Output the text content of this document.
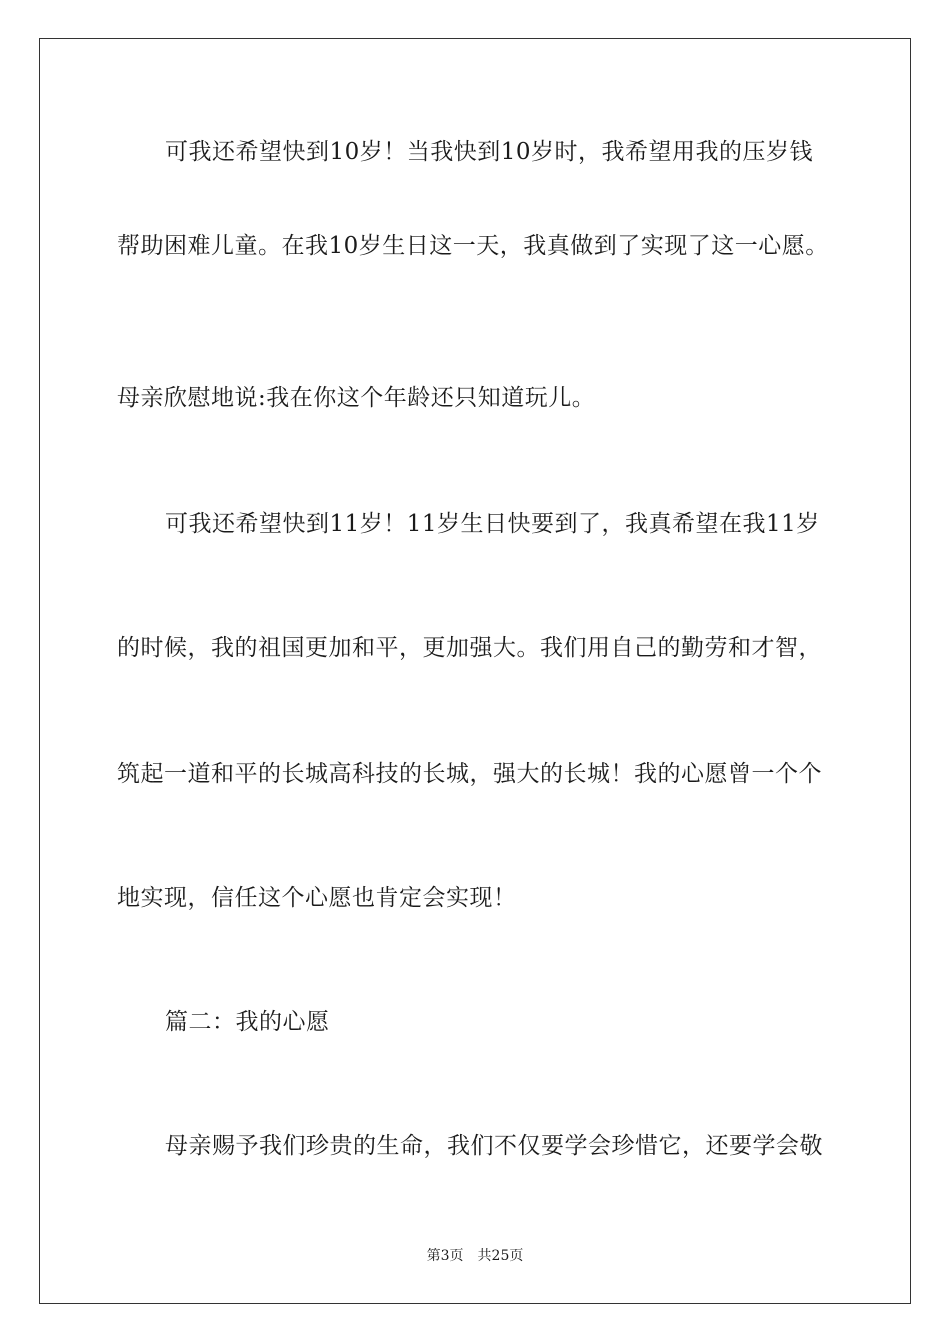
可我还希望快到10岁！当我快到10岁时，我希望用我的压岁钱
帮助困难儿童。在我10岁生日这一天，我真做到了实现了这一心愿。
母亲欣慰地说:我在你这个年龄还只知道玩儿。
可我还希望快到11岁！11岁生日快要到了，我真希望在我11岁
的时候，我的祖国更加和平，更加强大。我们用自己的勤劳和才智，
筑起一道和平的长城高科技的长城，强大的长城！我的心愿曾一个个
地实现，信任这个心愿也肯定会实现！
篇二：我的心愿
母亲赐予我们珍贵的生命，我们不仅要学会珍惜它，还要学会敬
第3页 共25页
